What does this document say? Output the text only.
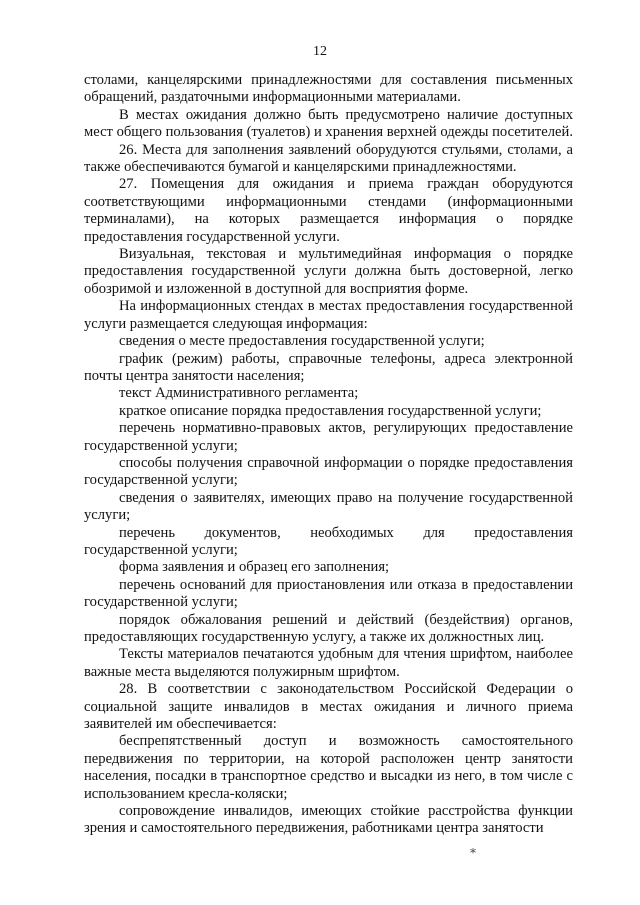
12

столами, канцелярскими принадлежностями для составления письменных обращений, раздаточными информационными материалами.

В местах ожидания должно быть предусмотрено наличие доступных мест общего пользования (туалетов) и хранения верхней одежды посетителей.

26. Места для заполнения заявлений оборудуются стульями, столами, а также обеспечиваются бумагой и канцелярскими принадлежностями.

27. Помещения для ожидания и приема граждан оборудуются соответствующими информационными стендами (информационными терминалами), на которых размещается информация о порядке предоставления государственной услуги.

Визуальная, текстовая и мультимедийная информация о порядке предоставления государственной услуги должна быть достоверной, легко обозримой и изложенной в доступной для восприятия форме.

На информационных стендах в местах предоставления государственной услуги размещается следующая информация:

сведения о месте предоставления государственной услуги;

график (режим) работы, справочные телефоны, адреса электронной почты центра занятости населения;

текст Административного регламента;

краткое описание порядка предоставления государственной услуги;

перечень нормативно-правовых актов, регулирующих предоставление государственной услуги;

способы получения справочной информации о порядке предоставления государственной услуги;

сведения о заявителях, имеющих право на получение государственной услуги;

перечень документов, необходимых для предоставления государственной услуги;

форма заявления и образец его заполнения;

перечень оснований для приостановления или отказа в предоставлении государственной услуги;

порядок обжалования решений и действий (бездействия) органов, предоставляющих государственную услугу, а также их должностных лиц.

Тексты материалов печатаются удобным для чтения шрифтом, наиболее важные места выделяются полужирным шрифтом.

28. В соответствии с законодательством Российской Федерации о социальной защите инвалидов в местах ожидания и личного приема заявителей им обеспечивается:

беспрепятственный доступ и возможность самостоятельного передвижения по территории, на которой расположен центр занятости населения, посадки в транспортное средство и высадки из него, в том числе с использованием кресла-коляски;

сопровождение инвалидов, имеющих стойкие расстройства функции зрения и самостоятельного передвижения, работниками центра занятости

⁎
